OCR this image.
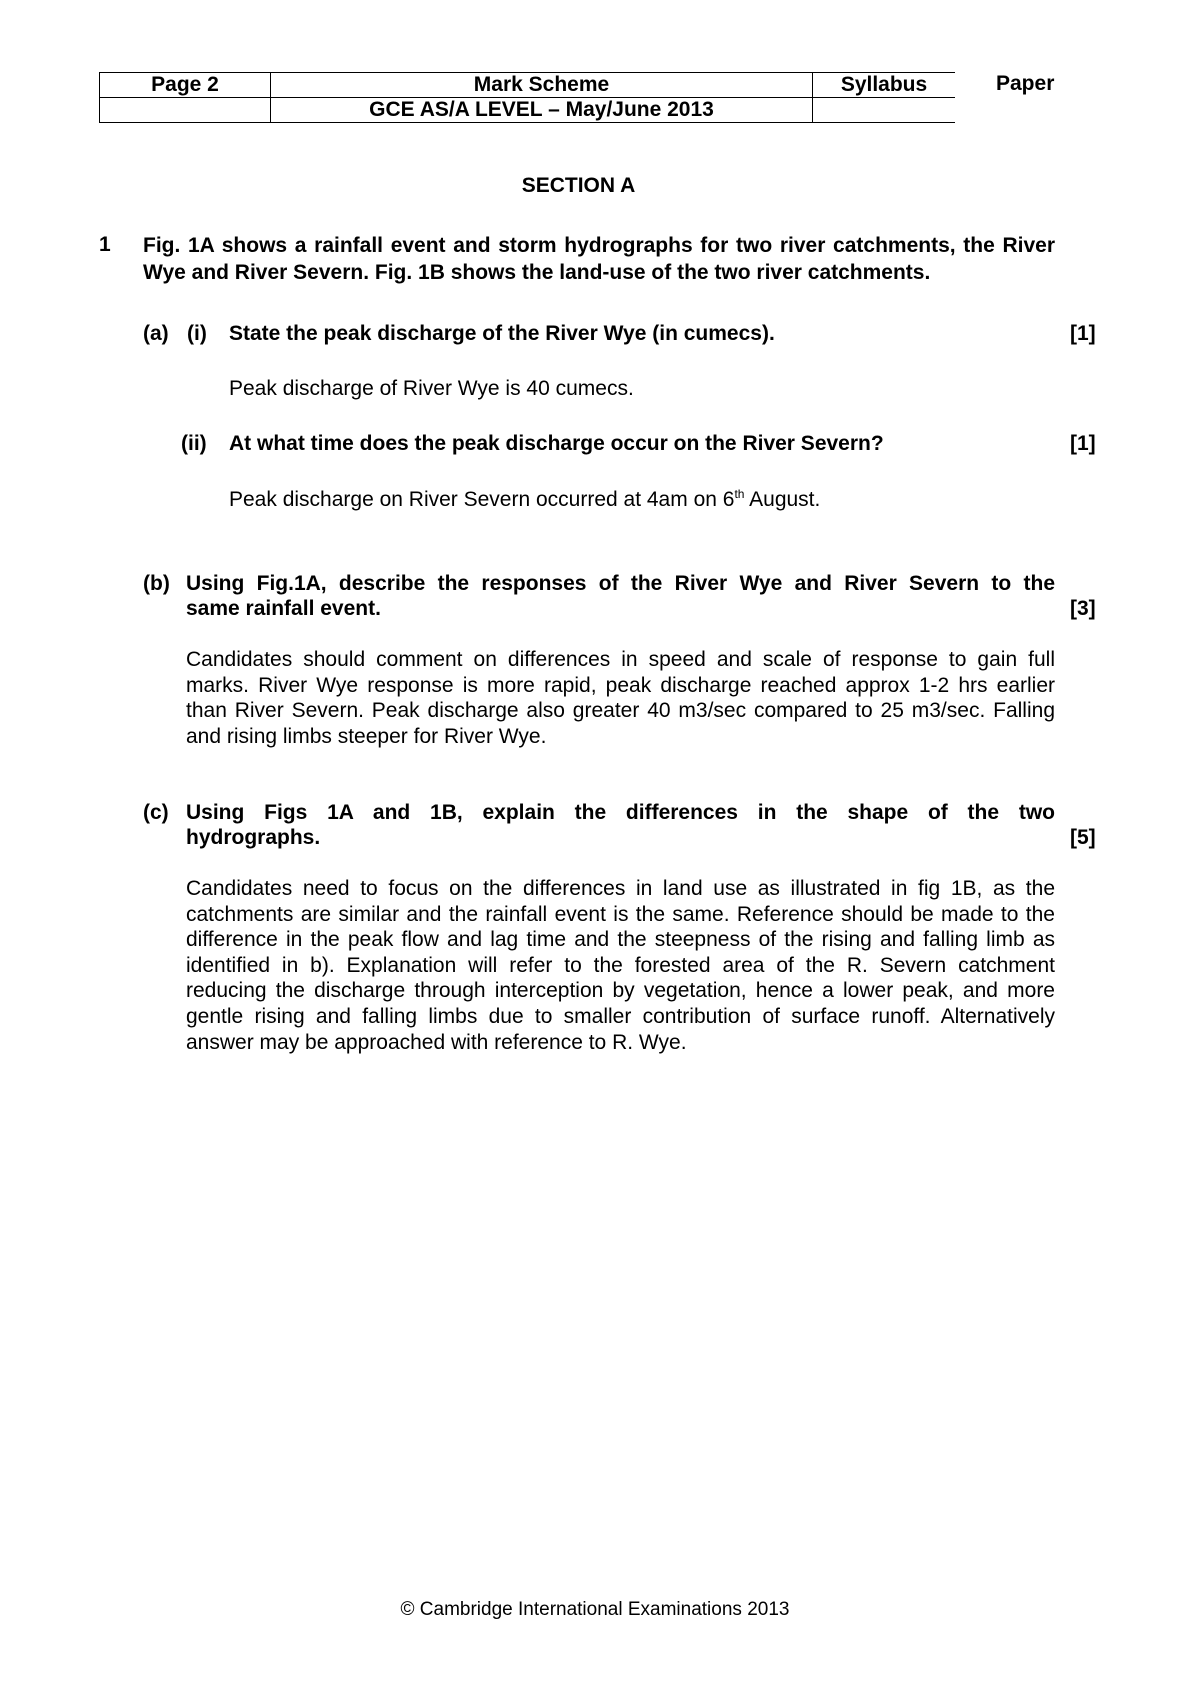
Page 2	Mark Scheme	Syllabus
	GCE AS/A LEVEL – May/June 2013	
Paper
SECTION A
1 Fig. 1A shows a rainfall event and storm hydrographs for two river catchments, the River Wye and River Severn. Fig. 1B shows the land-use of the two river catchments.
(a) (i) State the peak discharge of the River Wye (in cumecs).	[1]
Peak discharge of River Wye is 40 cumecs.
(ii) At what time does the peak discharge occur on the River Severn?	[1]
Peak discharge on River Severn occurred at 4am on 6th August.
(b) Using Fig.1A, describe the responses of the River Wye and River Severn to the
same rainfall event.	[3]
Candidates should comment on differences in speed and scale of response to gain full marks. River Wye response is more rapid, peak discharge reached approx 1-2 hrs earlier than River Severn. Peak discharge also greater 40 m3/sec compared to 25 m3/sec. Falling and rising limbs steeper for River Wye.
(c) Using Figs 1A and 1B, explain the differences in the shape of the two
hydrographs.	[5]
Candidates need to focus on the differences in land use as illustrated in fig 1B, as the catchments are similar and the rainfall event is the same. Reference should be made to the difference in the peak flow and lag time and the steepness of the rising and falling limb as identified in b). Explanation will refer to the forested area of the R. Severn catchment reducing the discharge through interception by vegetation, hence a lower peak, and more gentle rising and falling limbs due to smaller contribution of surface runoff. Alternatively answer may be approached with reference to R. Wye.
© Cambridge International Examinations 2013
